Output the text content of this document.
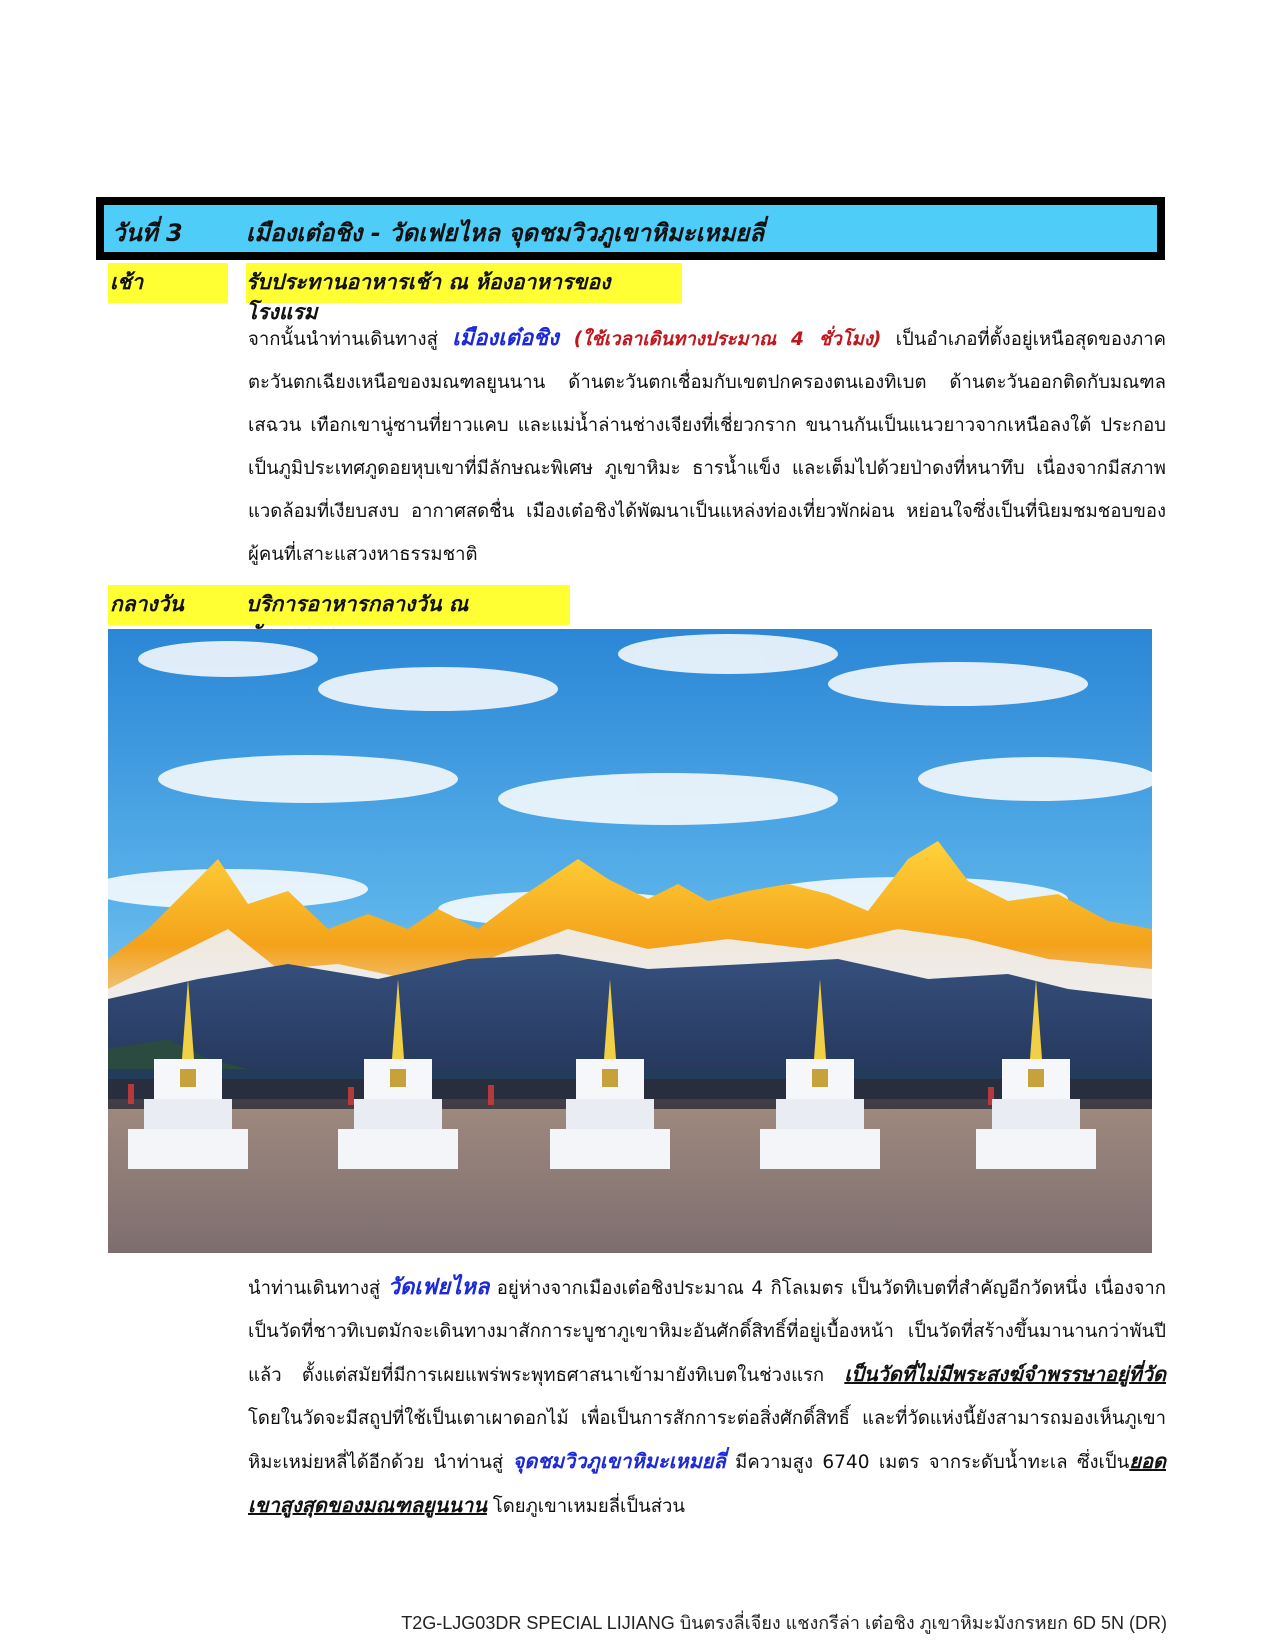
วันที่ 3	เมืองเต๋อชิง - วัดเฟยไหล จุดชมวิวภูเขาหิมะเหมยลี่
เช้า	รับประทานอาหารเช้า ณ ห้องอาหารของโรงแรม

จากนั้นนำท่านเดินทางสู่ เมืองเต๋อชิง (ใช้เวลาเดินทางประมาณ 4 ชั่วโมง) เป็นอำเภอที่ตั้งอยู่เหนือสุดของภาคตะวันตกเฉียงเหนือของมณฑลยูนนาน ด้านตะวันตกเชื่อมกับเขตปกครองตนเองทิเบต ด้านตะวันออกติดกับมณฑลเสฉวน เทือกเขานู่ซานที่ยาวแคบ และแม่น้ำล่านช่างเจียงที่เชี่ยวกราก ขนานกันเป็นแนวยาวจากเหนือลงใต้ ประกอบเป็นภูมิประเทศภูดอยหุบเขาที่มีลักษณะพิเศษ ภูเขาหิมะ ธารน้ำแข็ง และเต็มไปด้วยป่าดงที่หนาทึบ เนื่องจากมีสภาพแวดล้อมที่เงียบสงบ อากาศสดชื่น เมืองเต๋อชิงได้พัฒนาเป็นแหล่งท่องเที่ยวพักผ่อน หย่อนใจซึ่งเป็นที่นิยมชมชอบของผู้คนที่เสาะแสวงหาธรรมชาติ

กลางวัน	บริการอาหารกลางวัน ณ

นำท่านเดินทางสู่ วัดเฟยไหล อยู่ห่างจากเมืองเต๋อชิงประมาณ 4 กิโลเมตร เป็นวัดทิเบตที่สำคัญอีกวัดหนึ่ง เนื่องจากเป็นวัดที่ชาวทิเบตมักจะเดินทางมาสักการะบูชาภูเขาหิมะอันศักดิ์สิทธิ์ที่อยู่เบื้องหน้า เป็นวัดที่สร้างขึ้นมานานกว่าพันปีแล้ว ตั้งแต่สมัยที่มีการเผยแพร่พระพุทธศาสนาเข้ามายังทิเบตในช่วงแรก เป็นวัดที่ไม่มีพระสงฆ์จำพรรษาอยู่ที่วัด โดยในวัดจะมีสถูปที่ใช้เป็นเตาเผาดอกไม้ เพื่อเป็นการสักการะต่อสิ่งศักดิ์สิทธิ์ และที่วัดแห่งนี้ยังสามารถมองเห็นภูเขาหิมะเหม่ยหลี่ได้อีกด้วย นำท่านสู่ จุดชมวิวภูเขาหิมะเหมยลี่ มีความสูง 6740 เมตร จากระดับน้ำทะเล ซึ่งเป็นยอดเขาสูงสุดของมณฑลยูนนาน โดยภูเขาเหมยลี่เป็นส่วน

T2G-LJG03DR SPECIAL LIJIANG บินตรงลี่เจียง แชงกรีล่า เต๋อชิง ภูเขาหิมะมังกรหยก 6D 5N (DR)
